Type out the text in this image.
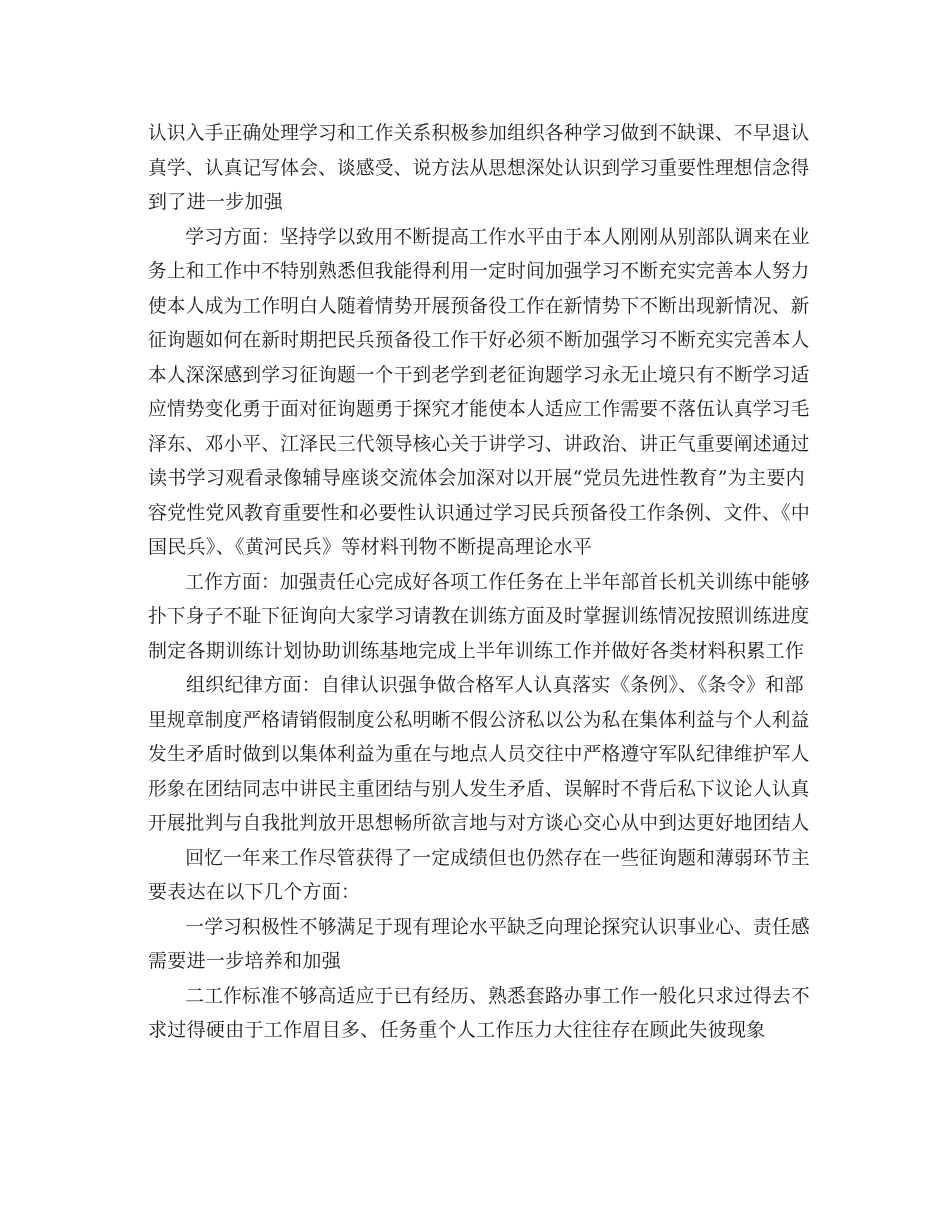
认识入手正确处理学习和工作关系积极参加组织各种学习做到不缺课、不早退认
真学、认真记写体会、谈感受、说方法从思想深处认识到学习重要性理想信念得
到了进一步加强
学习方面：坚持学以致用不断提高工作水平由于本人刚刚从别部队调来在业
务上和工作中不特别熟悉但我能得利用一定时间加强学习不断充实完善本人努力
使本人成为工作明白人随着情势开展预备役工作在新情势下不断出现新情况、新
征询题如何在新时期把民兵预备役工作干好必须不断加强学习不断充实完善本人
本人深深感到学习征询题一个干到老学到老征询题学习永无止境只有不断学习适
应情势变化勇于面对征询题勇于探究才能使本人适应工作需要不落伍认真学习毛
泽东、邓小平、江泽民三代领导核心关于讲学习、讲政治、讲正气重要阐述通过
读书学习观看录像辅导座谈交流体会加深对以开展“党员先进性教育”为主要内
容党性党风教育重要性和必要性认识通过学习民兵预备役工作条例、文件、《中
国民兵》、《黄河民兵》等材料刊物不断提高理论水平
工作方面：加强责任心完成好各项工作任务在上半年部首长机关训练中能够
扑下身子不耻下征询向大家学习请教在训练方面及时掌握训练情况按照训练进度
制定各期训练计划协助训练基地完成上半年训练工作并做好各类材料积累工作
组织纪律方面：自律认识强争做合格军人认真落实《条例》、《条令》和部
里规章制度严格请销假制度公私明晰不假公济私以公为私在集体利益与个人利益
发生矛盾时做到以集体利益为重在与地点人员交往中严格遵守军队纪律维护军人
形象在团结同志中讲民主重团结与别人发生矛盾、误解时不背后私下议论人认真
开展批判与自我批判放开思想畅所欲言地与对方谈心交心从中到达更好地团结人
回忆一年来工作尽管获得了一定成绩但也仍然存在一些征询题和薄弱环节主
要表达在以下几个方面：
一学习积极性不够满足于现有理论水平缺乏向理论探究认识事业心、责任感
需要进一步培养和加强
二工作标准不够高适应于已有经历、熟悉套路办事工作一般化只求过得去不
求过得硬由于工作眉目多、任务重个人工作压力大往往存在顾此失彼现象
